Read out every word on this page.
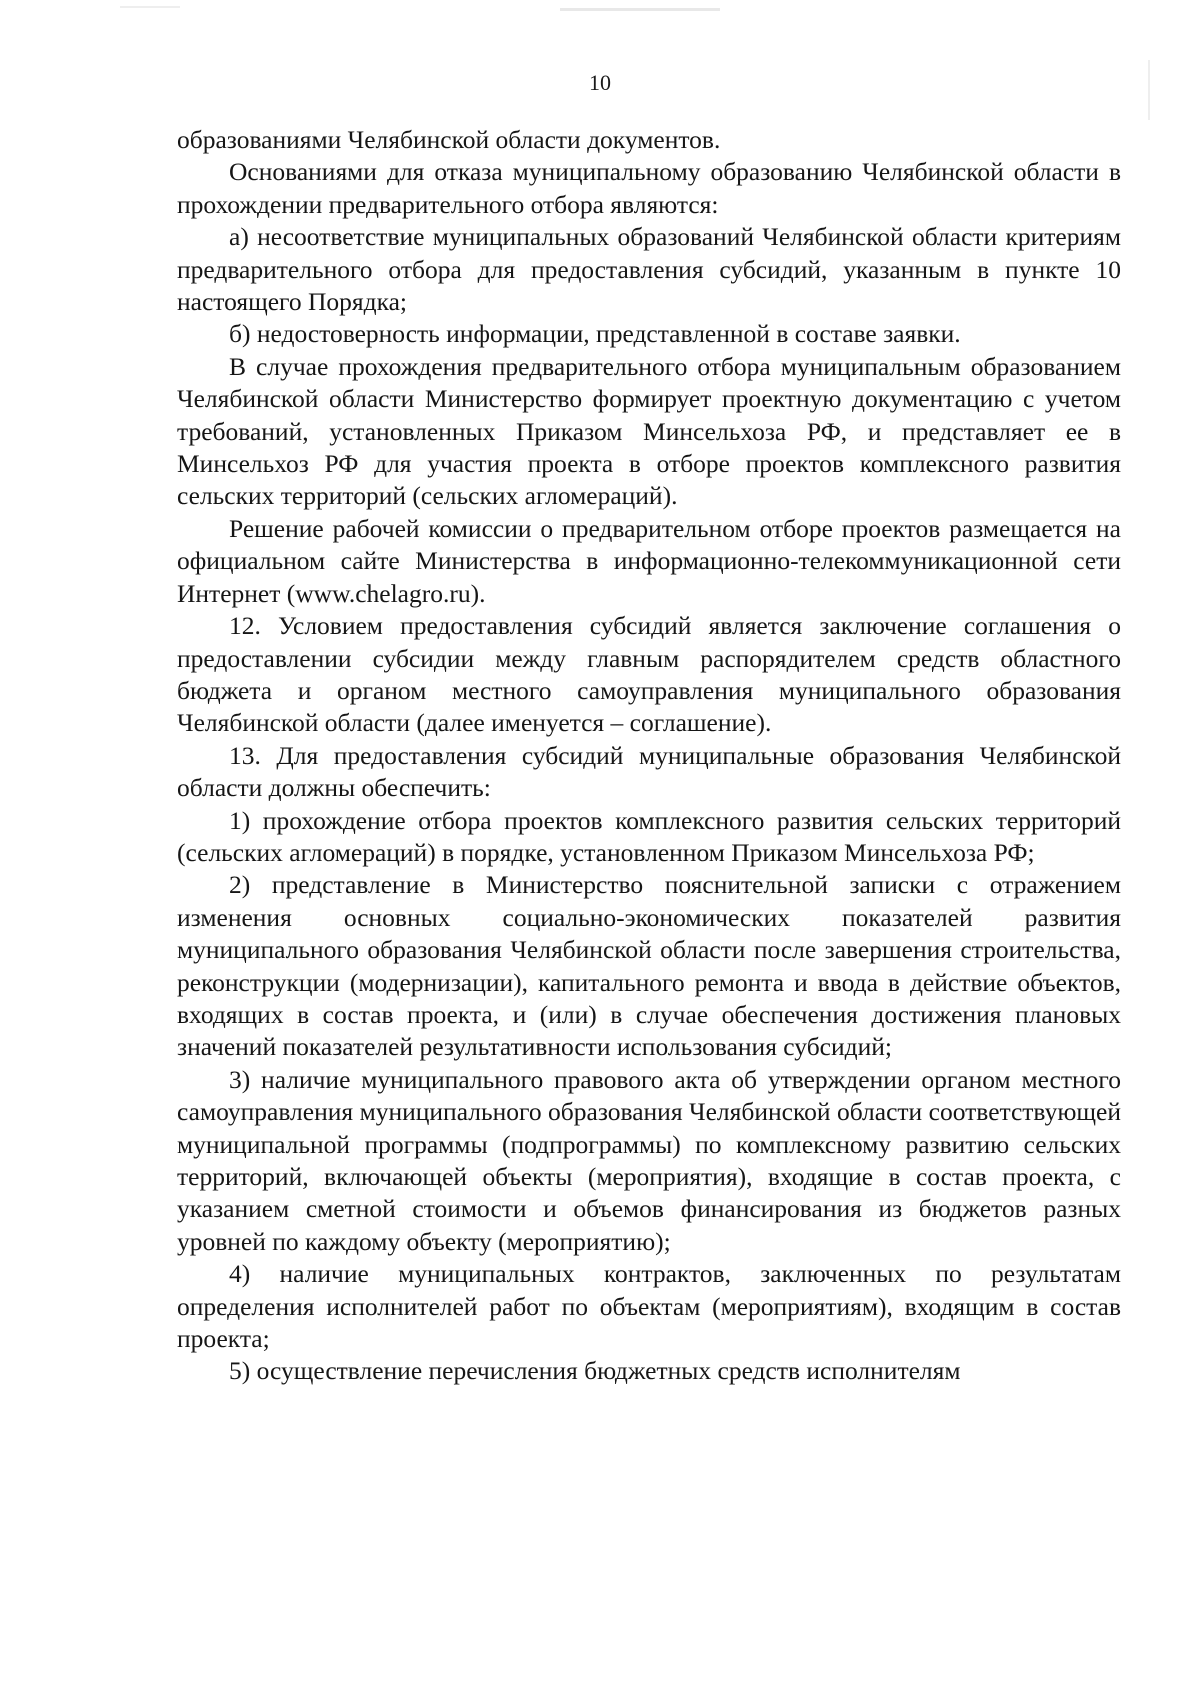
10

образованиями Челябинской области документов.

Основаниями для отказа муниципальному образованию Челябинской области в прохождении предварительного отбора являются:

а) несоответствие муниципальных образований Челябинской области критериям предварительного отбора для предоставления субсидий, указанным в пункте 10 настоящего Порядка;

б) недостоверность информации, представленной в составе заявки.

В случае прохождения предварительного отбора муниципальным образованием Челябинской области Министерство формирует проектную документацию с учетом требований, установленных Приказом Минсельхоза РФ, и представляет ее в Минсельхоз РФ для участия проекта в отборе проектов комплексного развития сельских территорий (сельских агломераций).

Решение рабочей комиссии о предварительном отборе проектов размещается на официальном сайте Министерства в информационно-телекоммуникационной сети Интернет (www.chelagro.ru).

12. Условием предоставления субсидий является заключение соглашения о предоставлении субсидии между главным распорядителем средств областного бюджета и органом местного самоуправления муниципального образования Челябинской области (далее именуется – соглашение).

13. Для предоставления субсидий муниципальные образования Челябинской области должны обеспечить:

1) прохождение отбора проектов комплексного развития сельских территорий (сельских агломераций) в порядке, установленном Приказом Минсельхоза РФ;

2) представление в Министерство пояснительной записки с отражением изменения основных социально-экономических показателей развития муниципального образования Челябинской области после завершения строительства, реконструкции (модернизации), капитального ремонта и ввода в действие объектов, входящих в состав проекта, и (или) в случае обеспечения достижения плановых значений показателей результативности использования субсидий;

3) наличие муниципального правового акта об утверждении органом местного самоуправления муниципального образования Челябинской области соответствующей муниципальной программы (подпрограммы) по комплексному развитию сельских территорий, включающей объекты (мероприятия), входящие в состав проекта, с указанием сметной стоимости и объемов финансирования из бюджетов разных уровней по каждому объекту (мероприятию);

4) наличие муниципальных контрактов, заключенных по результатам определения исполнителей работ по объектам (мероприятиям), входящим в состав проекта;

5) осуществление перечисления бюджетных средств исполнителям
